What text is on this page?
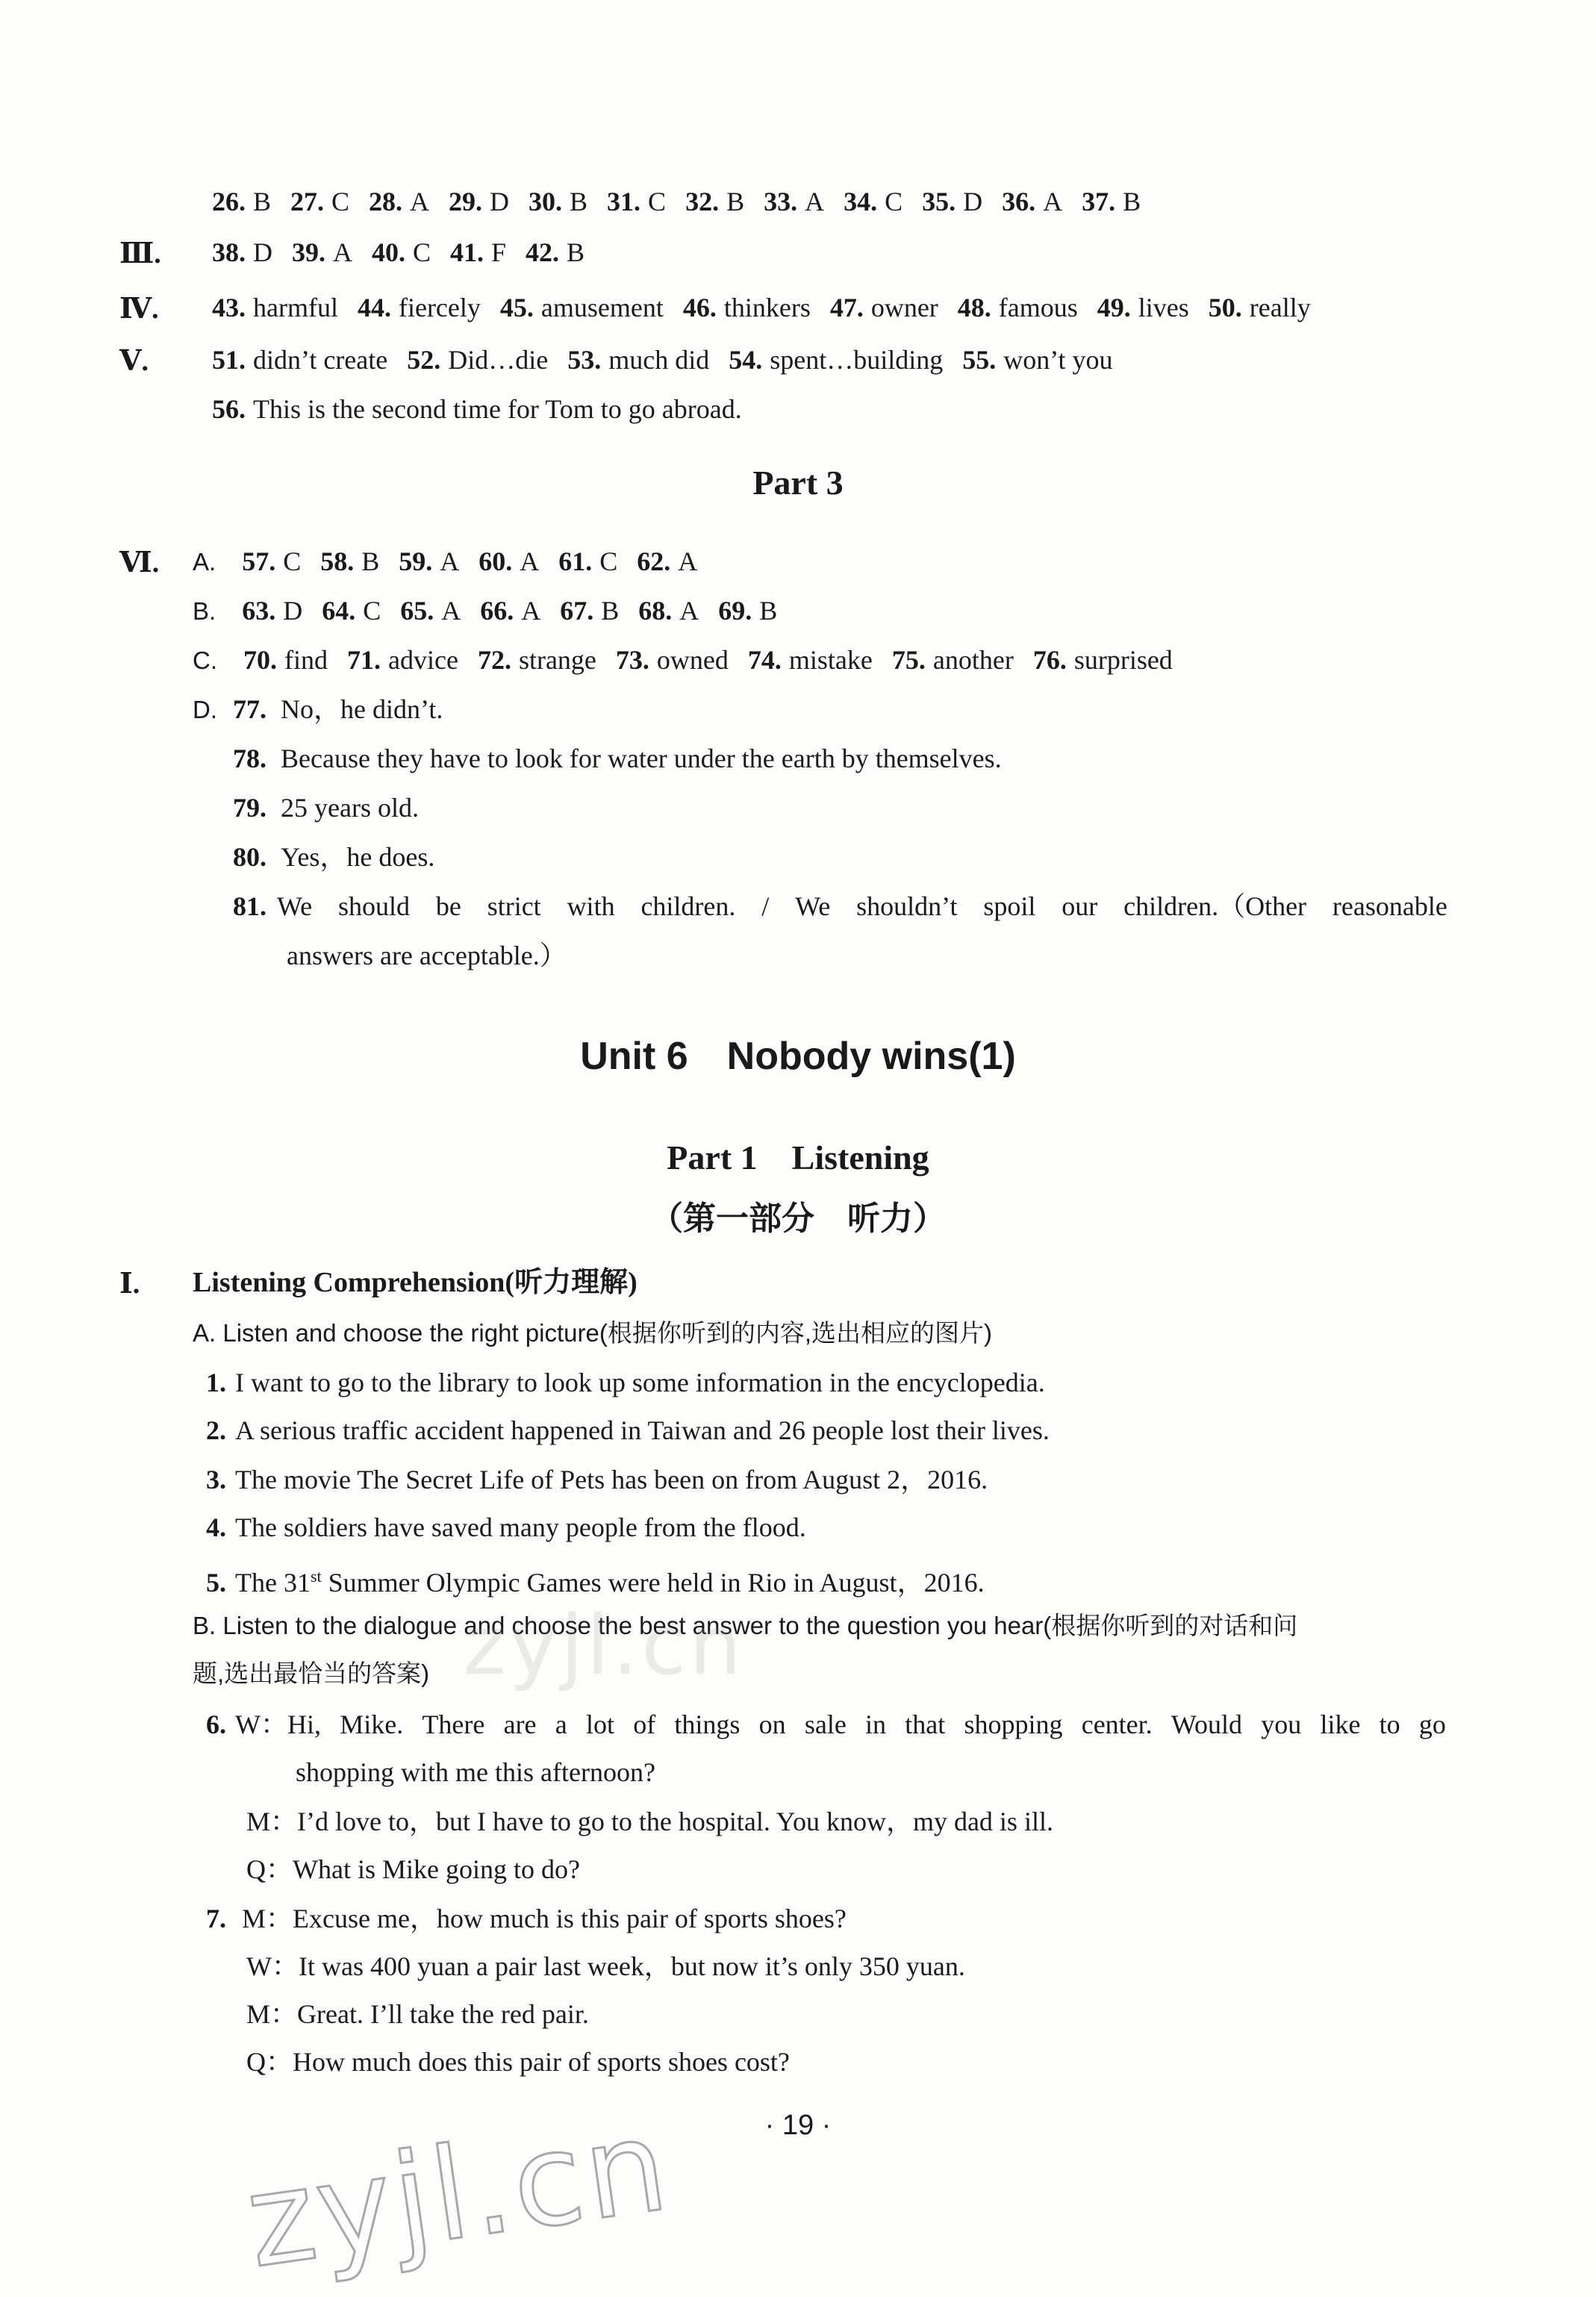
26. B 27. C 28. A 29. D 30. B 31. C 32. B 33. A 34. C 35. D 36. A 37. B
Ⅲ.	38. D 39. A 40. C 41. F 42. B
Ⅳ.	43. harmful 44. fiercely 45. amusement 46. thinkers 47. owner 48. famous 49. lives 50. really
Ⅴ.	51. didn’t create 52. Did…die 53. much did 54. spent…building 55. won’t you
56. This is the second time for Tom to go abroad.
Part 3
Ⅵ. A. 57. C 58. B 59. A 60. A 61. C 62. A
B. 63. D 64. C 65. A 66. A 67. B 68. A 69. B
C. 70. find 71. advice 72. strange 73. owned 74. mistake 75. another 76. surprised
D. 77. No，he didn’t.
78. Because they have to look for water under the earth by themselves.
79. 25 years old.
80. Yes，he does.
81. We should be strict with children. / We shouldn’t spoil our children.（Other reasonable
answers are acceptable.）
Unit 6　Nobody wins(1)
Part 1　Listening
（第一部分　听力）
Ⅰ. Listening Comprehension(听力理解)
A. Listen and choose the right picture(根据你听到的内容,选出相应的图片)
1. I want to go to the library to look up some information in the encyclopedia.
2. A serious traffic accident happened in Taiwan and 26 people lost their lives.
3. The movie The Secret Life of Pets has been on from August 2，2016.
4. The soldiers have saved many people from the flood.
5. The 31st Summer Olympic Games were held in Rio in August，2016.
B. Listen to the dialogue and choose the best answer to the question you hear(根据你听到的对话和问
题,选出最恰当的答案)
6. W： Hi, Mike. There are a lot of things on sale in that shopping center. Would you like to go
shopping with me this afternoon?
M：I’d love to，but I have to go to the hospital. You know，my dad is ill.
Q：What is Mike going to do?
7. M：Excuse me，how much is this pair of sports shoes?
W：It was 400 yuan a pair last week，but now it’s only 350 yuan.
M：Great. I’ll take the red pair.
Q：How much does this pair of sports shoes cost?
· 19 ·
zyjl.cn
zyjl.cn
